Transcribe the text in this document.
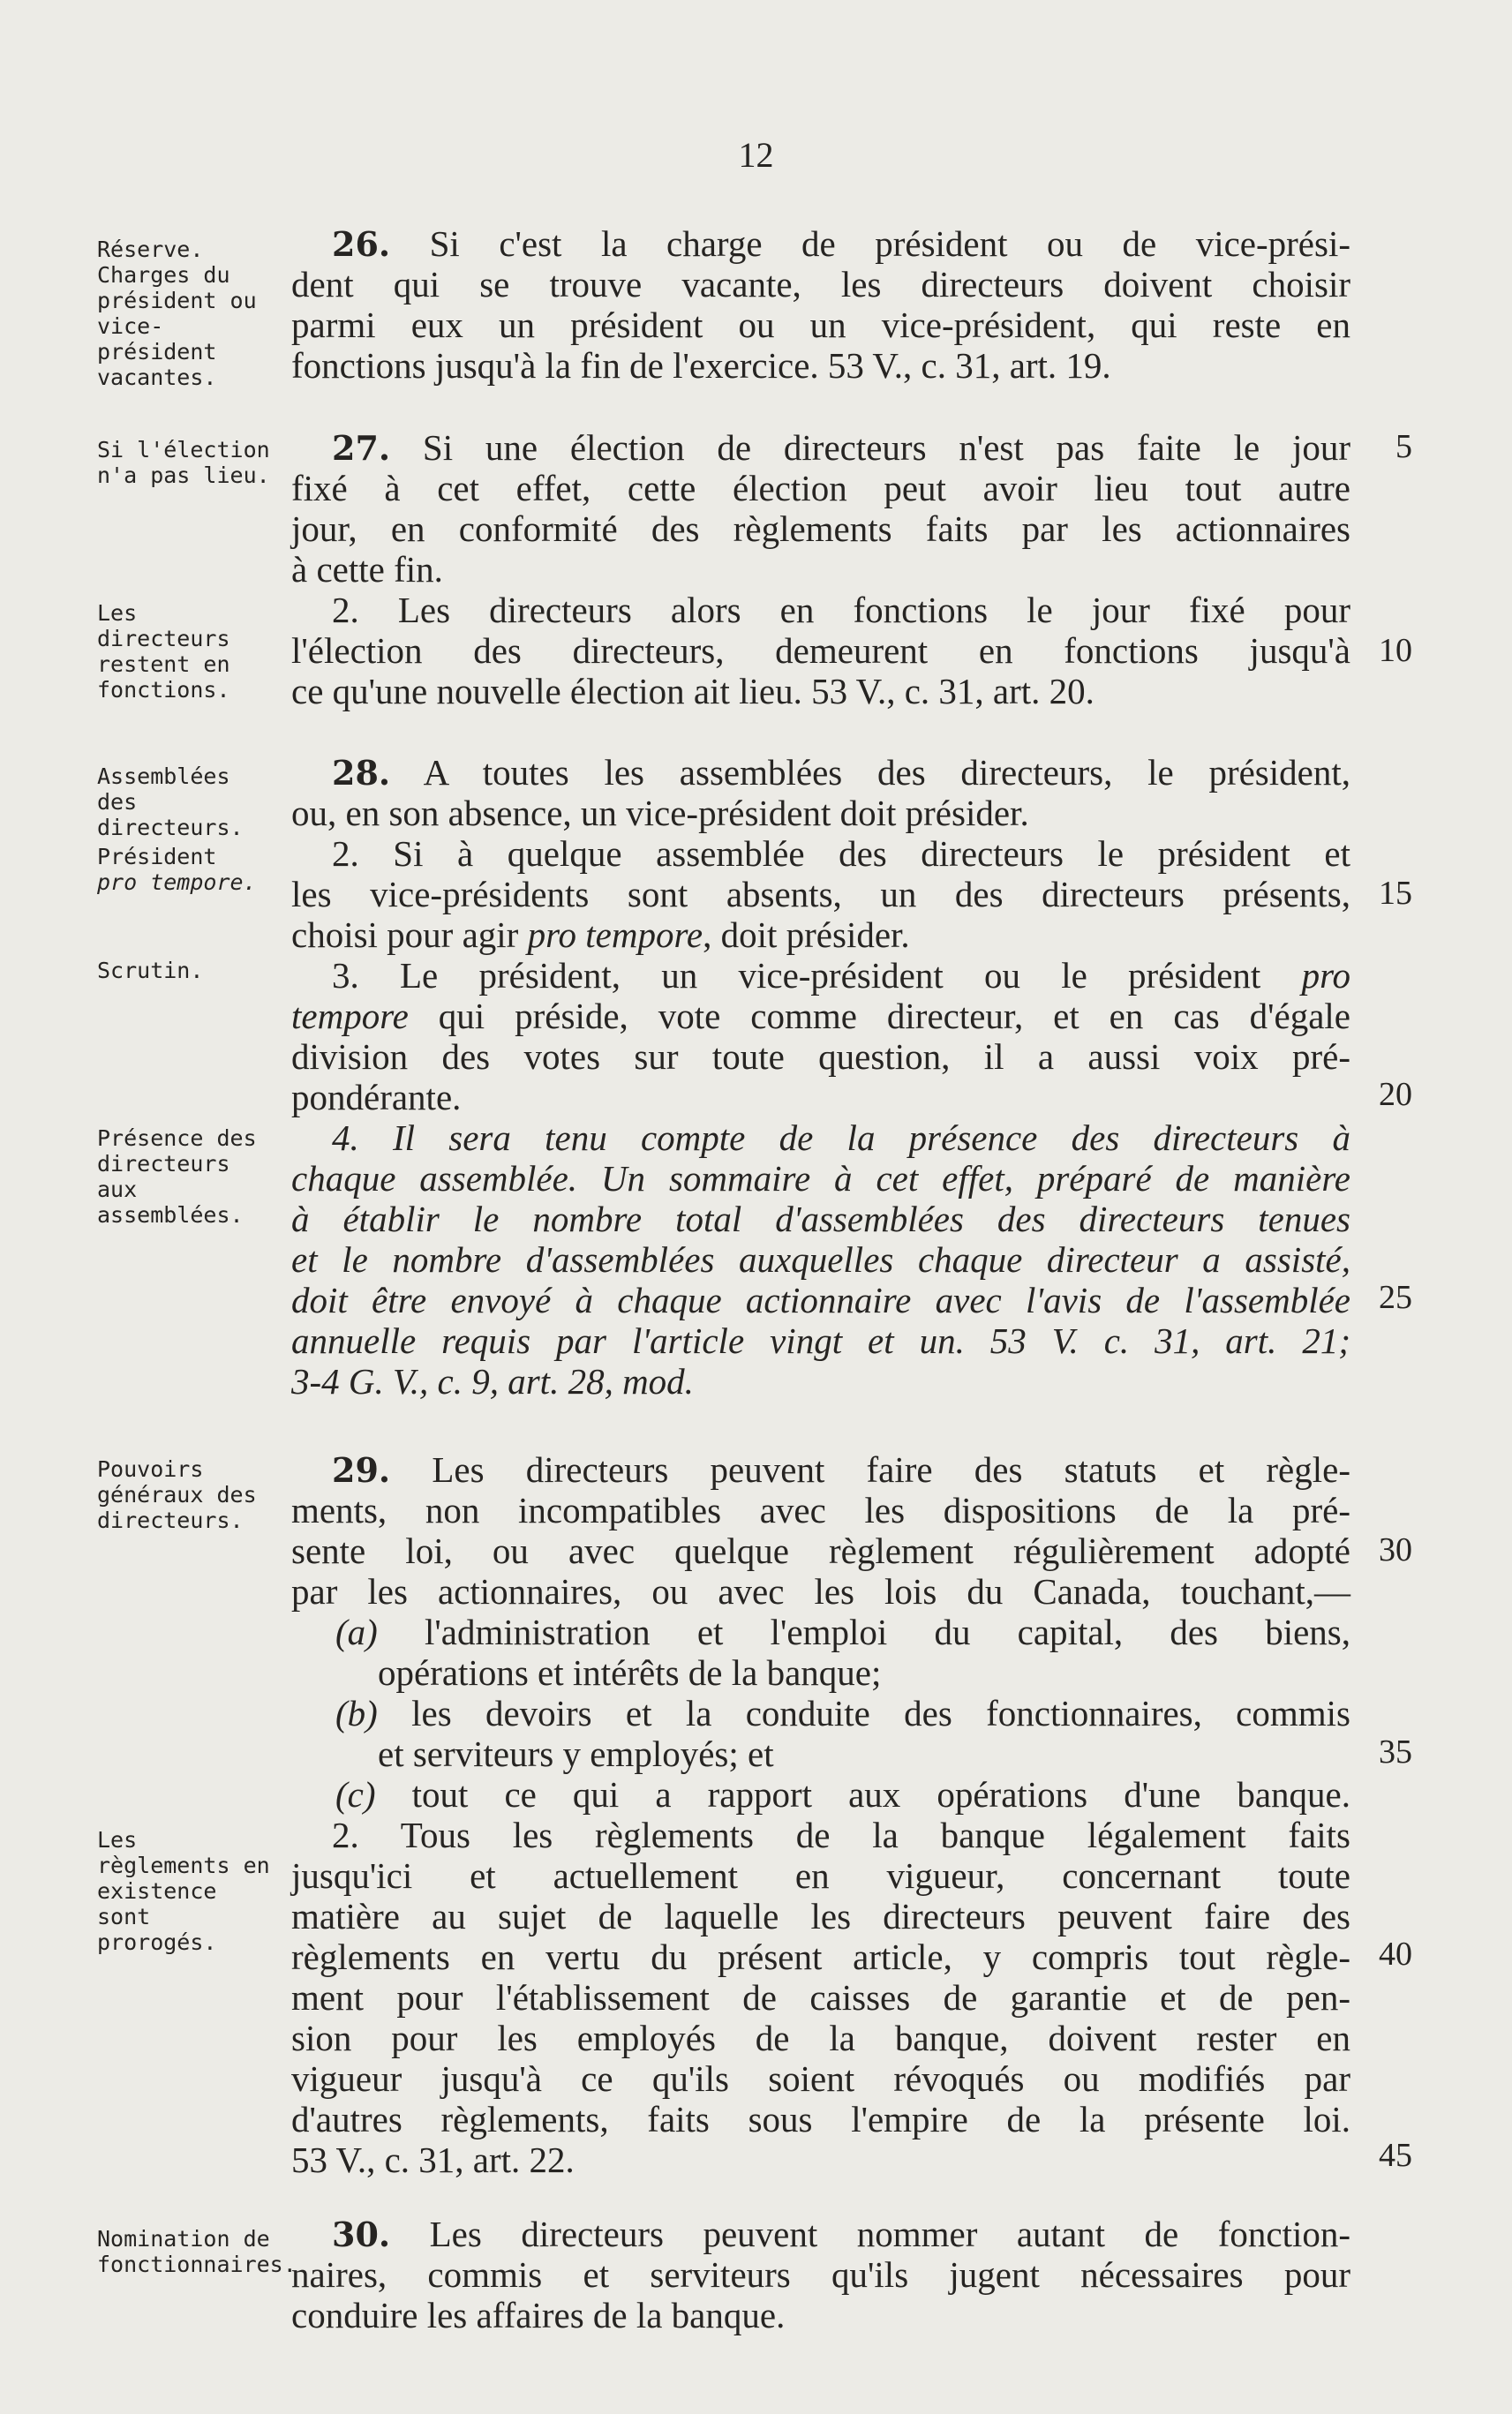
12
Réserve.
Charges du président ou vice-président vacantes.
Si l'élection n'a pas lieu.
Les directeurs restent en fonctions.
Assemblées des directeurs.
Président
pro tempore.
Scrutin.
Présence des directeurs aux assemblées.
Pouvoirs généraux des directeurs.
Les règlements en existence sont prorogés.
Nomination de fonctionnaires.
5
10
15
20
25
30
35
40
45
26. Si c'est la charge de président ou de vice-prési-
dent qui se trouve vacante, les directeurs doivent choisir
parmi eux un président ou un vice-président, qui reste en
fonctions jusqu'à la fin de l'exercice. 53 V., c. 31, art. 19.
27. Si une élection de directeurs n'est pas faite le jour
fixé à cet effet, cette élection peut avoir lieu tout autre
jour, en conformité des règlements faits par les actionnaires
à cette fin.
2. Les directeurs alors en fonctions le jour fixé pour
l'élection des directeurs, demeurent en fonctions jusqu'à
ce qu'une nouvelle élection ait lieu. 53 V., c. 31, art. 20.
28. A toutes les assemblées des directeurs, le président,
ou, en son absence, un vice-président doit présider.
2. Si à quelque assemblée des directeurs le président et
les vice-présidents sont absents, un des directeurs présents,
choisi pour agir pro tempore, doit présider.
3. Le président, un vice-président ou le président pro
tempore qui préside, vote comme directeur, et en cas d'égale
division des votes sur toute question, il a aussi voix pré-
pondérante.
4. Il sera tenu compte de la présence des directeurs à
chaque assemblée. Un sommaire à cet effet, préparé de manière
à établir le nombre total d'assemblées des directeurs tenues
et le nombre d'assemblées auxquelles chaque directeur a assisté,
doit être envoyé à chaque actionnaire avec l'avis de l'assemblée
annuelle requis par l'article vingt et un. 53 V. c. 31, art. 21;
3-4 G. V., c. 9, art. 28, mod.
29. Les directeurs peuvent faire des statuts et règle-
ments, non incompatibles avec les dispositions de la pré-
sente loi, ou avec quelque règlement régulièrement adopté
par les actionnaires, ou avec les lois du Canada, touchant,—
(a) l'administration et l'emploi du capital, des biens,
opérations et intérêts de la banque;
(b) les devoirs et la conduite des fonctionnaires, commis
et serviteurs y employés; et
(c) tout ce qui a rapport aux opérations d'une banque.
2. Tous les règlements de la banque légalement faits
jusqu'ici et actuellement en vigueur, concernant toute
matière au sujet de laquelle les directeurs peuvent faire des
règlements en vertu du présent article, y compris tout règle-
ment pour l'établissement de caisses de garantie et de pen-
sion pour les employés de la banque, doivent rester en
vigueur jusqu'à ce qu'ils soient révoqués ou modifiés par
d'autres règlements, faits sous l'empire de la présente loi.
53 V., c. 31, art. 22.
30. Les directeurs peuvent nommer autant de fonction-
naires, commis et serviteurs qu'ils jugent nécessaires pour
conduire les affaires de la banque.
